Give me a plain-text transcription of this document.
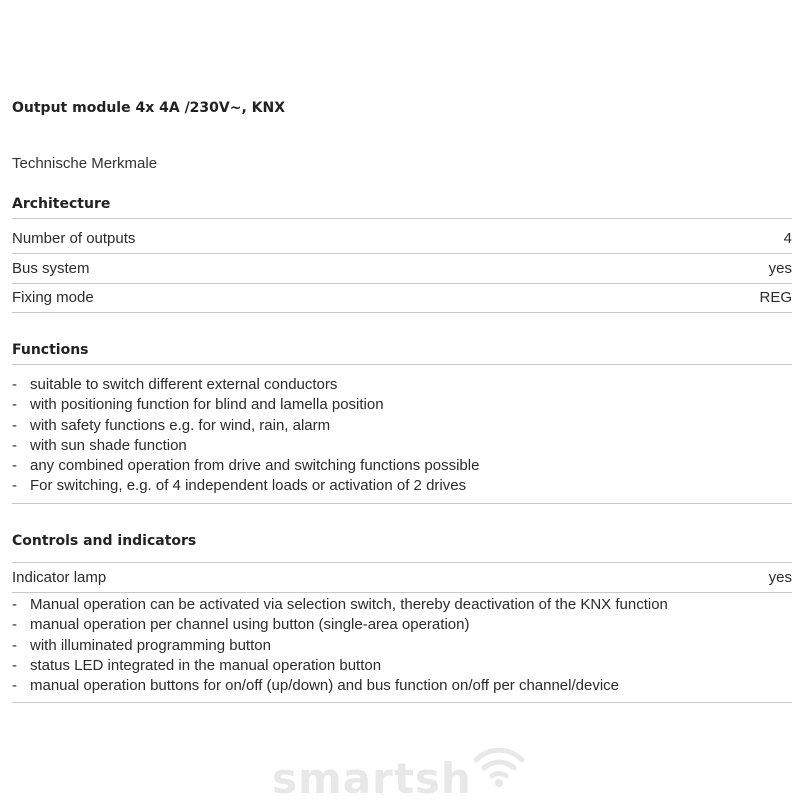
Output module 4x 4A /230V~, KNX
Technische Merkmale
Architecture
Number of outputs	4
Bus system	yes
Fixing mode	REG
Functions
- suitable to switch different external conductors
- with positioning function for blind and lamella position
- with safety functions e.g. for wind, rain, alarm
- with sun shade function
- any combined operation from drive and switching functions possible
- For switching, e.g. of 4 independent loads or activation of 2 drives
Controls and indicators
Indicator lamp	yes
- Manual operation can be activated via selection switch, thereby deactivation of the KNX function
- manual operation per channel using button (single-area operation)
- with illuminated programming button
- status LED integrated in the manual operation button
- manual operation buttons for on/off (up/down) and bus function on/off per channel/device
smartsh
